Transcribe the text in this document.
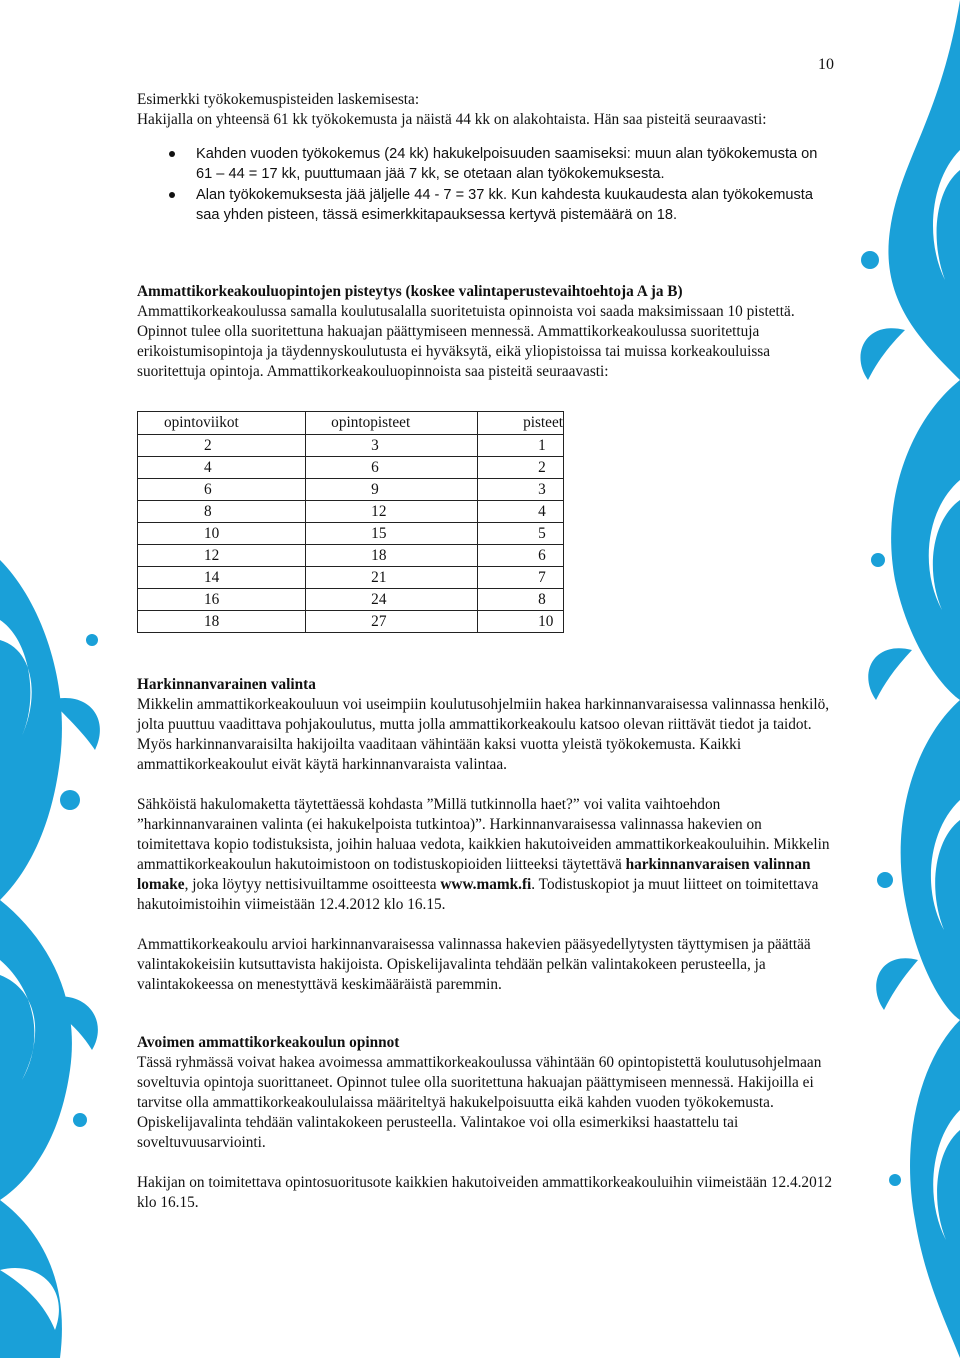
10

Esimerkki työkokemuspisteiden laskemisesta:

Hakijalla on yhteensä 61 kk työkokemusta ja näistä 44 kk on alakohtaista. Hän saa pisteitä seuraavasti:

Kahden vuoden työkokemus (24 kk) hakukelpoisuuden saamiseksi: muun alan työkokemusta on 61 – 44 = 17 kk, puuttumaan jää 7 kk, se otetaan alan työkokemuksesta.
Alan työkokemuksesta jää jäljelle 44 - 7 = 37 kk. Kun kahdesta kuukaudesta alan työkokemusta saa yhden pisteen, tässä esimerkkitapauksessa kertyvä pistemäärä on 18.

Ammattikorkeakouluopintojen pisteytys (koskee valintaperustevaihtoehtoja A ja B)

Ammattikorkeakoulussa samalla koulutusalalla suoritetuista opinnoista voi saada maksimissaan 10 pistettä. Opinnot tulee olla suoritettuna hakuajan päättymiseen mennessä. Ammattikorkeakoulussa suoritettuja erikoistumisopintoja ja täydennyskoulutusta ei hyväksytä, eikä yliopistoissa tai muissa korkeakouluissa suoritettuja opintoja. Ammattikorkeakouluopinnoista saa pisteitä seuraavasti:

opintoviikot	opintopisteet	pisteet
2	3	1
4	6	2
6	9	3
8	12	4
10	15	5
12	18	6
14	21	7
16	24	8
18	27	10

Harkinnanvarainen valinta

Mikkelin ammattikorkeakouluun voi useimpiin koulutusohjelmiin hakea harkinnanvaraisessa valinnassa henkilö, jolta puuttuu vaadittava pohjakoulutus, mutta jolla ammattikorkeakoulu katsoo olevan riittävät tiedot ja taidot. Myös harkinnanvaraisilta hakijoilta vaaditaan vähintään kaksi vuotta yleistä työkokemusta. Kaikki ammattikorkeakoulut eivät käytä harkinnanvaraista valintaa.

Sähköistä hakulomaketta täytettäessä kohdasta ”Millä tutkinnolla haet?” voi valita vaihtoehdon ”harkinnanvarainen valinta (ei hakukelpoista tutkintoa)”. Harkinnanvaraisessa valinnassa hakevien on toimitettava kopio todistuksista, joihin haluaa vedota, kaikkien hakutoiveiden ammattikorkeakouluihin. Mikkelin ammattikorkeakoulun hakutoimistoon on todistuskopioiden liitteeksi täytettävä harkinnanvaraisen valinnan lomake, joka löytyy nettisivuiltamme osoitteesta www.mamk.fi. Todistuskopiot ja muut liitteet on toimitettava hakutoimistoihin viimeistään 12.4.2012 klo 16.15.

Ammattikorkeakoulu arvioi harkinnanvaraisessa valinnassa hakevien pääsyedellytysten täyttymisen ja päättää valintakokeisiin kutsuttavista hakijoista. Opiskelijavalinta tehdään pelkän valintakokeen perusteella, ja valintakokeessa on menestyttävä keskimääräistä paremmin.

Avoimen ammattikorkeakoulun opinnot

Tässä ryhmässä voivat hakea avoimessa ammattikorkeakoulussa vähintään 60 opintopistettä koulutusohjelmaan soveltuvia opintoja suorittaneet. Opinnot tulee olla suoritettuna hakuajan päättymiseen mennessä. Hakijoilla ei tarvitse olla ammattikorkeakoululaissa määriteltyä hakukelpoisuutta eikä kahden vuoden työkokemusta. Opiskelijavalinta tehdään valintakokeen perusteella. Valintakoe voi olla esimerkiksi haastattelu tai soveltuvuusarviointi.

Hakijan on toimitettava opintosuoritusote kaikkien hakutoiveiden ammattikorkeakouluihin viimeistään 12.4.2012 klo 16.15.
